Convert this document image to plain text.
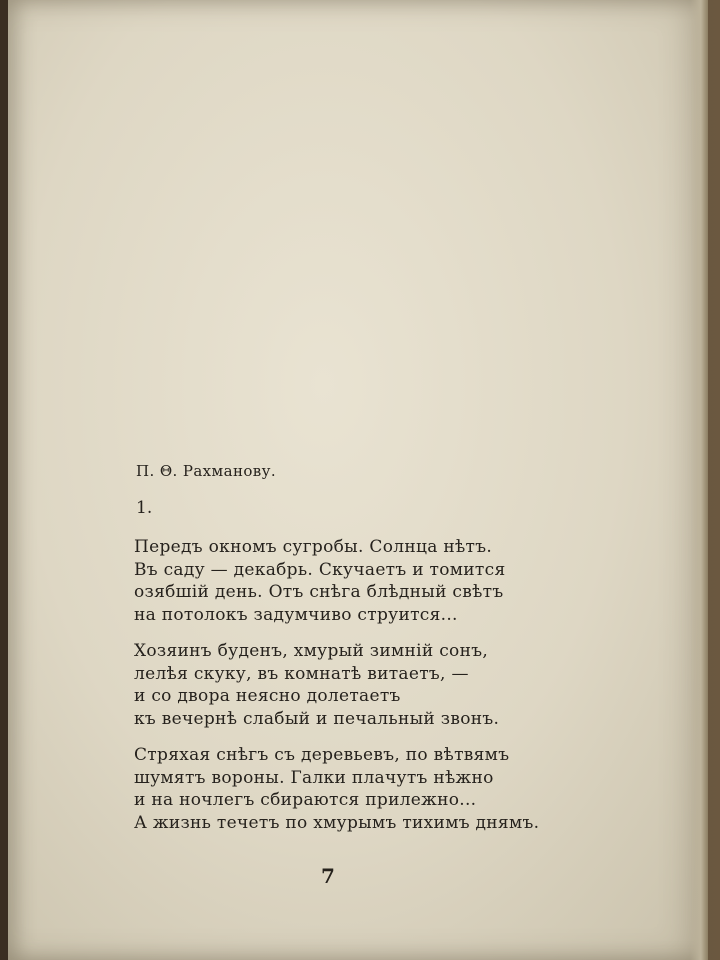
П. Θ. Рахманову.
1.
Передъ окномъ сугробы. Солнца нѣтъ.
Въ саду — декабрь. Скучаетъ и томится
озябшій день. Отъ снѣга блѣдный свѣтъ
на потолокъ задумчиво струится...
Хозяинъ буденъ, хмурый зимній сонъ,
лелѣя скуку, въ комнатѣ витаетъ, —
и со двора неясно долетаетъ
къ вечернѣ слабый и печальный звонъ.
Стряхая снѣгъ съ деревьевъ, по вѣтвямъ
шумятъ вороны. Галки плачутъ нѣжно
и на ночлегъ сбираются прилежно...
А жизнь течетъ по хмурымъ тихимъ днямъ.
7
